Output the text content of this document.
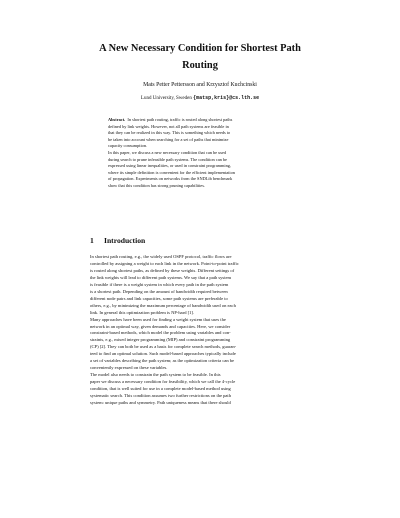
A New Necessary Condition for Shortest Path
Routing
Mats Petter Pettersson and Krzysztof Kuchcinski
Lund University, Sweden {matsp,kris}@cs.lth.se
Abstract. In shortest path routing, traffic is routed along shortest paths
defined by link weights. However, not all path systems are feasible in
that they can be realized in this way. This is something which needs to
be taken into account when searching for a set of paths that minimize
capacity consumption.
In this paper, we discuss a new necessary condition that can be used
during search to prune infeasible path systems. The condition can be
expressed using linear inequalities, or used in constraint programming,
where its simple definition is convenient for the efficient implementation
of propagation. Experiments on networks from the SNDLib benchmark
show that this condition has strong pruning capabilities.
1 Introduction
In shortest path routing, e.g., the widely used OSPF protocol, traffic flows are
controlled by assigning a weight to each link in the network. Point-to-point traffic
is routed along shortest paths, as defined by these weights. Different settings of
the link weights will lead to different path systems. We say that a path system
is feasible if there is a weight system in which every path in the path system
is a shortest path. Depending on the amount of bandwidth required between
different node pairs and link capacities, some path systems are preferable to
others, e.g., by minimizing the maximum percentage of bandwidth used on each
link. In general this optimization problem is NP-hard [1].
Many approaches have been used for finding a weight system that uses the
network in an optimal way, given demands and capacities. Here, we consider
constraint-based methods, which model the problem using variables and con-
straints, e.g., mixed integer programming (MIP) and constraint programming
(CP) [2]. They can both be used as a basis for complete search methods, guaran-
teed to find an optimal solution. Such model-based approaches typically include
a set of variables describing the path system; as the optimization criteria can be
conveniently expressed on these variables.
The model also needs to constrain the path system to be feasible. In this
paper we discuss a necessary condition for feasibility, which we call the 4-cycle
condition, that is well suited for use in a complete model-based method using
systematic search. This condition assumes two further restrictions on the path
system: unique paths and symmetry. Path uniqueness means that there should
